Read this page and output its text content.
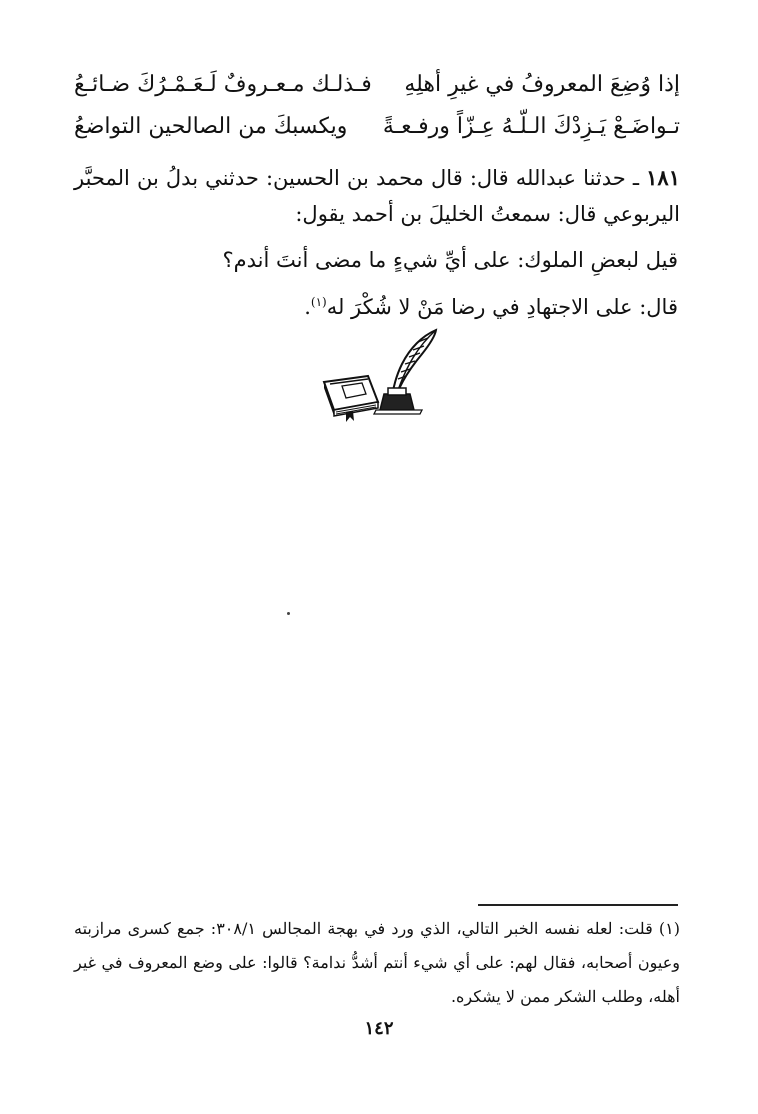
إذا وُضِعَ المعروفُ في غيرِ أهلِهِ
فـذلـك مـعـروفٌ لَـعَـمْـرُكَ ضـائـعُ
ويكسبكَ من الصالحين التواضعُ تـواضَـعْ يَـزِدْكَ الـلّـهُ عِـزّاً ورفـعـةً
١٨١ ـ حدثنا عبدالله قال: قال محمد بن الحسين: حدثني بدلُ بن المحبَّر اليربوعي قال: سمعتُ الخليلَ بن أحمد يقول:
قيل لبعضِ الملوك: على أيِّ شيءٍ ما مضى أنتَ أندم؟
قال: على الاجتهادِ في رضا مَنْ لا شُكْرَ له$^{(١)}$.
(١) قلت: لعله نفسه الخبر التالي، الذي ورد في بهجة المجالس ٣٠٨/١: جمع كسرى مرازبته وعيون أصحابه، فقال لهم: على أي شيء أنتم أشدُّ ندامة؟ قالوا: على وضع المعروف في غير أهله، وطلب الشكر ممن لا يشكره.
١٤٢
